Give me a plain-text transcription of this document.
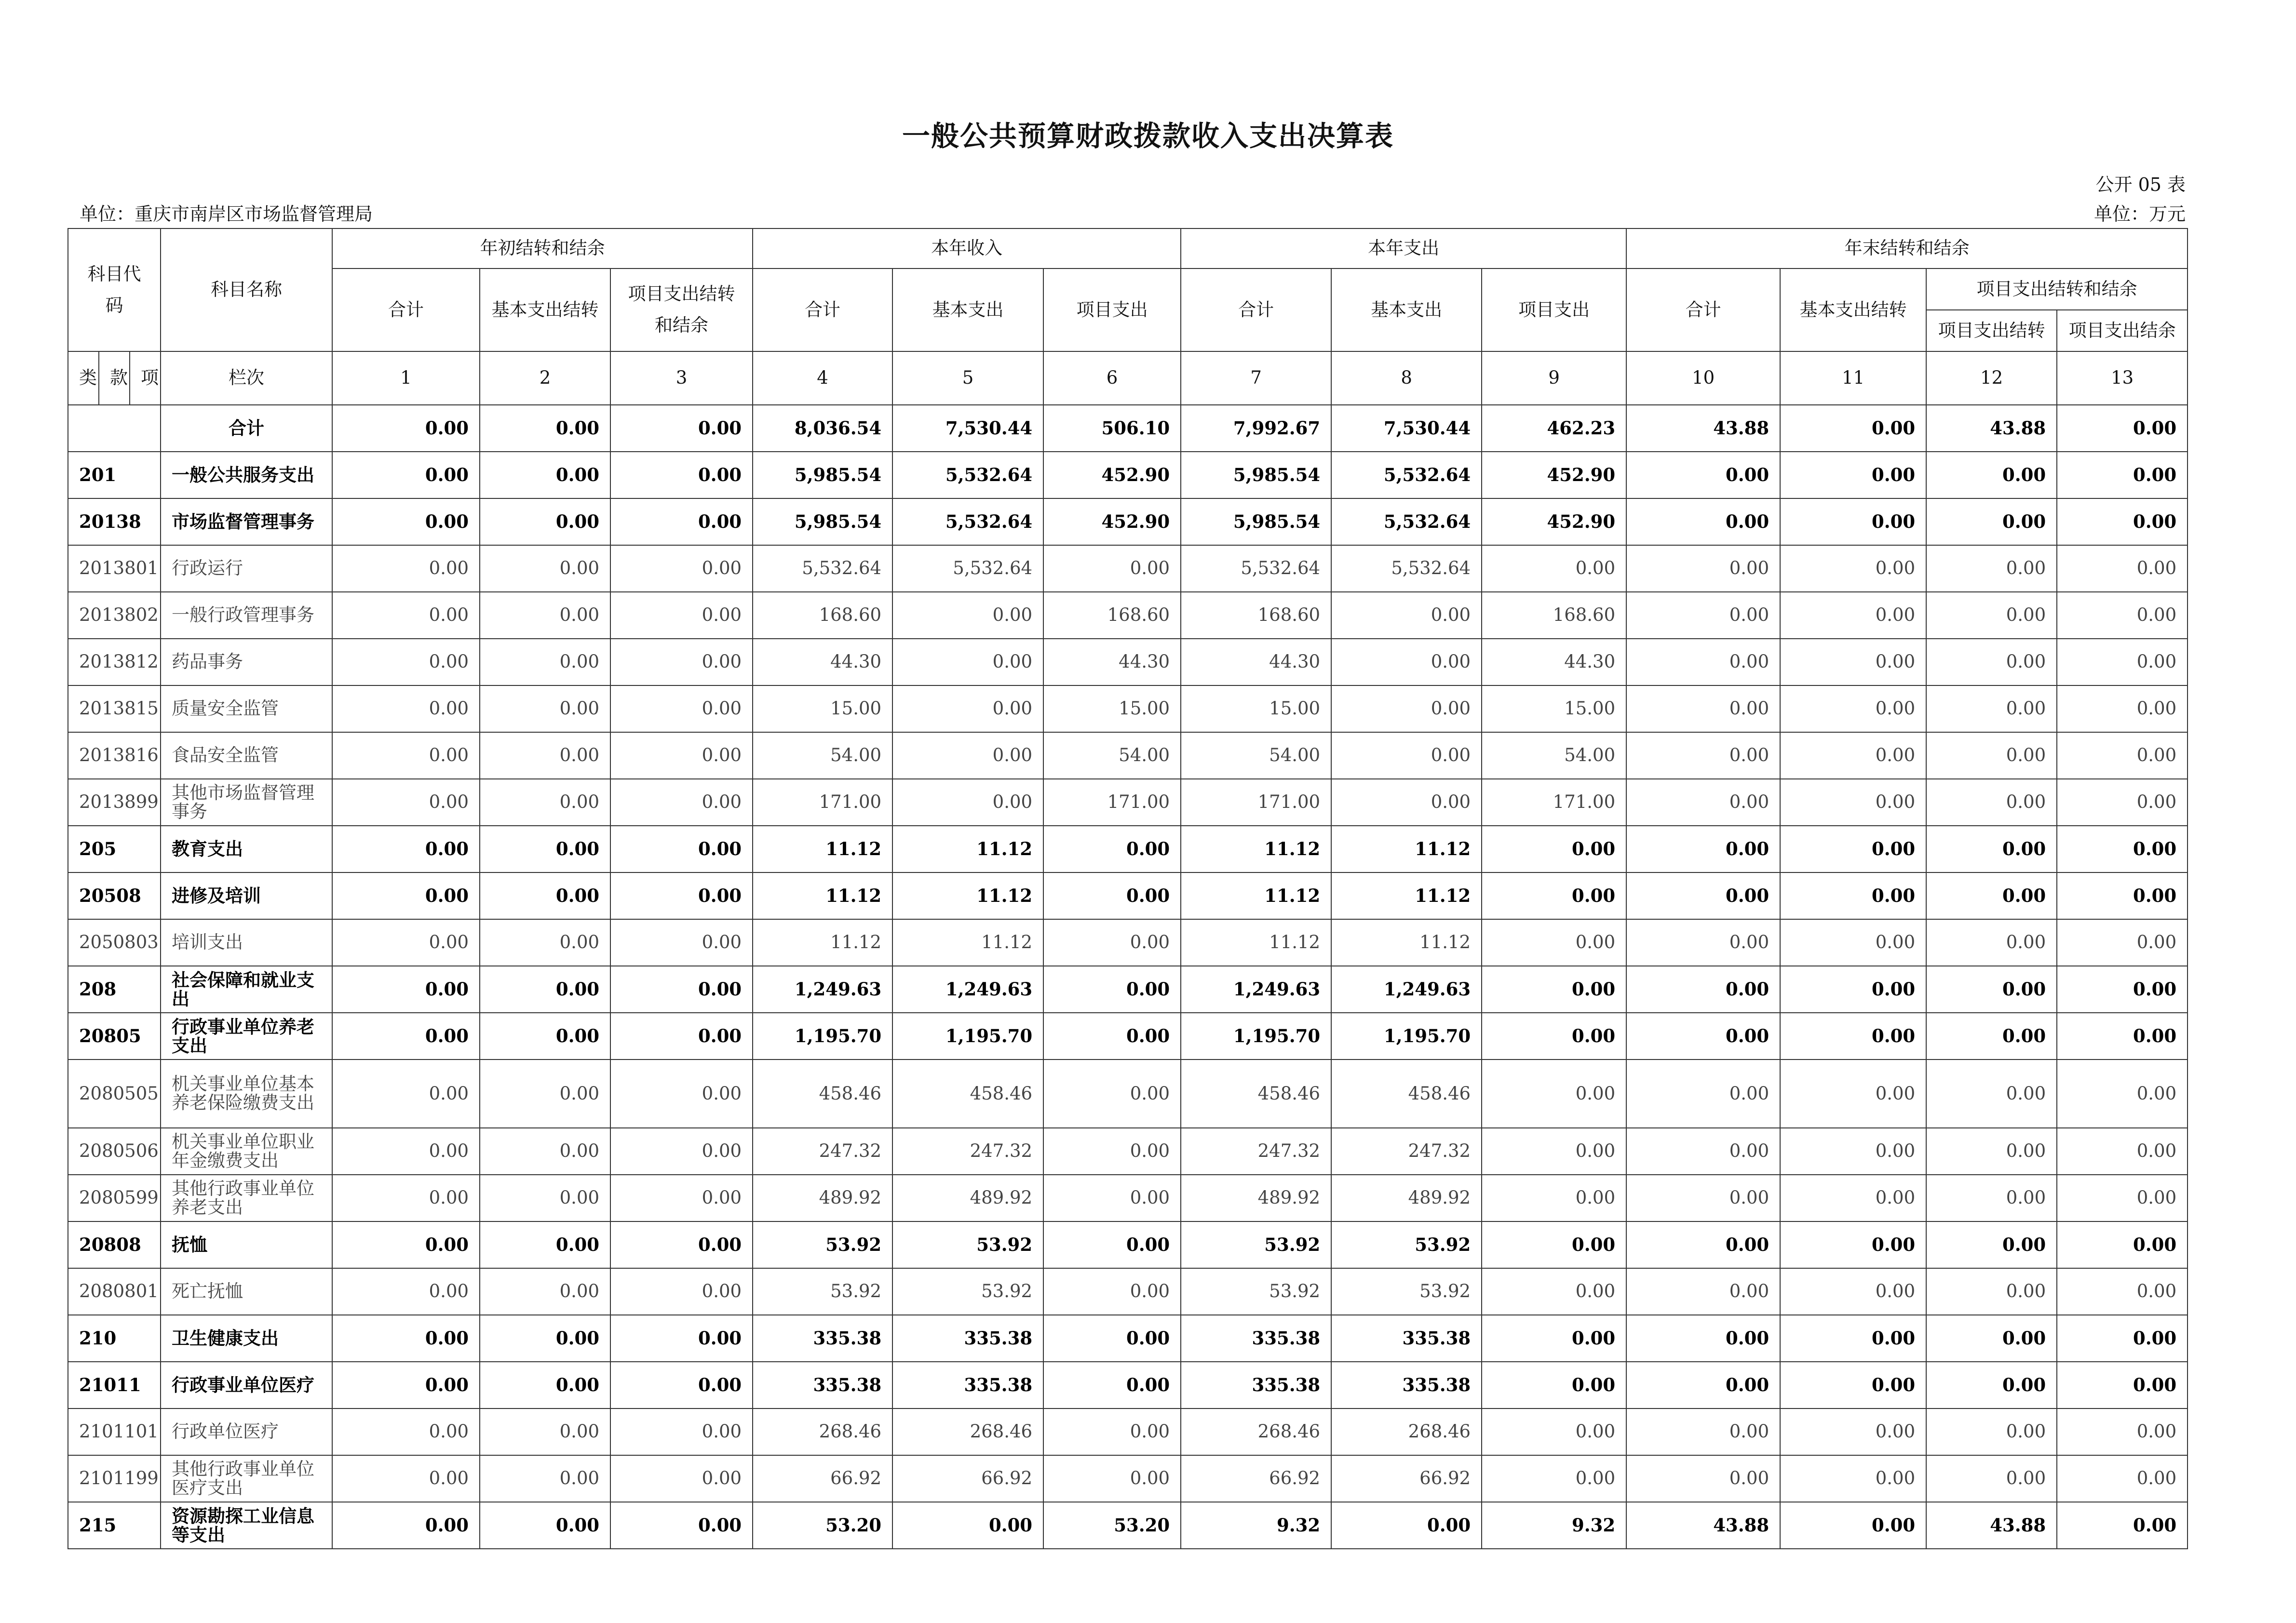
一般公共预算财政拨款收入支出决算表
公开 05 表
单位：重庆市南岸区市场监督管理局	单位：万元
科目代码			科目名称	年初结转和结余			本年收入			本年支出			年末结转和结余			
				合计	基本支出结转	项目支出结转和结余	合计	基本支出	项目支出	合计	基本支出	项目支出	合计	基本支出结转	项目支出结转和结余	
															项目支出结转	项目支出结余
类	款	项	栏次	1	2	3	4	5	6	7	8	9	10	11	12	13
			合计	0.00	0.00	0.00	8,036.54	7,530.44	506.10	7,992.67	7,530.44	462.23	43.88	0.00	43.88	0.00
201			一般公共服务支出	0.00	0.00	0.00	5,985.54	5,532.64	452.90	5,985.54	5,532.64	452.90	0.00	0.00	0.00	0.00
20138			市场监督管理事务	0.00	0.00	0.00	5,985.54	5,532.64	452.90	5,985.54	5,532.64	452.90	0.00	0.00	0.00	0.00
2013801			行政运行	0.00	0.00	0.00	5,532.64	5,532.64	0.00	5,532.64	5,532.64	0.00	0.00	0.00	0.00	0.00
2013802			一般行政管理事务	0.00	0.00	0.00	168.60	0.00	168.60	168.60	0.00	168.60	0.00	0.00	0.00	0.00
2013812			药品事务	0.00	0.00	0.00	44.30	0.00	44.30	44.30	0.00	44.30	0.00	0.00	0.00	0.00
2013815			质量安全监管	0.00	0.00	0.00	15.00	0.00	15.00	15.00	0.00	15.00	0.00	0.00	0.00	0.00
2013816			食品安全监管	0.00	0.00	0.00	54.00	0.00	54.00	54.00	0.00	54.00	0.00	0.00	0.00	0.00
2013899			其他市场监督管理事务	0.00	0.00	0.00	171.00	0.00	171.00	171.00	0.00	171.00	0.00	0.00	0.00	0.00
205			教育支出	0.00	0.00	0.00	11.12	11.12	0.00	11.12	11.12	0.00	0.00	0.00	0.00	0.00
20508			进修及培训	0.00	0.00	0.00	11.12	11.12	0.00	11.12	11.12	0.00	0.00	0.00	0.00	0.00
2050803			培训支出	0.00	0.00	0.00	11.12	11.12	0.00	11.12	11.12	0.00	0.00	0.00	0.00	0.00
208			社会保障和就业支出	0.00	0.00	0.00	1,249.63	1,249.63	0.00	1,249.63	1,249.63	0.00	0.00	0.00	0.00	0.00
20805			行政事业单位养老支出	0.00	0.00	0.00	1,195.70	1,195.70	0.00	1,195.70	1,195.70	0.00	0.00	0.00	0.00	0.00
2080505			机关事业单位基本养老保险缴费支出	0.00	0.00	0.00	458.46	458.46	0.00	458.46	458.46	0.00	0.00	0.00	0.00	0.00
2080506			机关事业单位职业年金缴费支出	0.00	0.00	0.00	247.32	247.32	0.00	247.32	247.32	0.00	0.00	0.00	0.00	0.00
2080599			其他行政事业单位养老支出	0.00	0.00	0.00	489.92	489.92	0.00	489.92	489.92	0.00	0.00	0.00	0.00	0.00
20808			抚恤	0.00	0.00	0.00	53.92	53.92	0.00	53.92	53.92	0.00	0.00	0.00	0.00	0.00
2080801			死亡抚恤	0.00	0.00	0.00	53.92	53.92	0.00	53.92	53.92	0.00	0.00	0.00	0.00	0.00
210			卫生健康支出	0.00	0.00	0.00	335.38	335.38	0.00	335.38	335.38	0.00	0.00	0.00	0.00	0.00
21011			行政事业单位医疗	0.00	0.00	0.00	335.38	335.38	0.00	335.38	335.38	0.00	0.00	0.00	0.00	0.00
2101101			行政单位医疗	0.00	0.00	0.00	268.46	268.46	0.00	268.46	268.46	0.00	0.00	0.00	0.00	0.00
2101199			其他行政事业单位医疗支出	0.00	0.00	0.00	66.92	66.92	0.00	66.92	66.92	0.00	0.00	0.00	0.00	0.00
215			资源勘探工业信息等支出	0.00	0.00	0.00	53.20	0.00	53.20	9.32	0.00	9.32	43.88	0.00	43.88	0.00
